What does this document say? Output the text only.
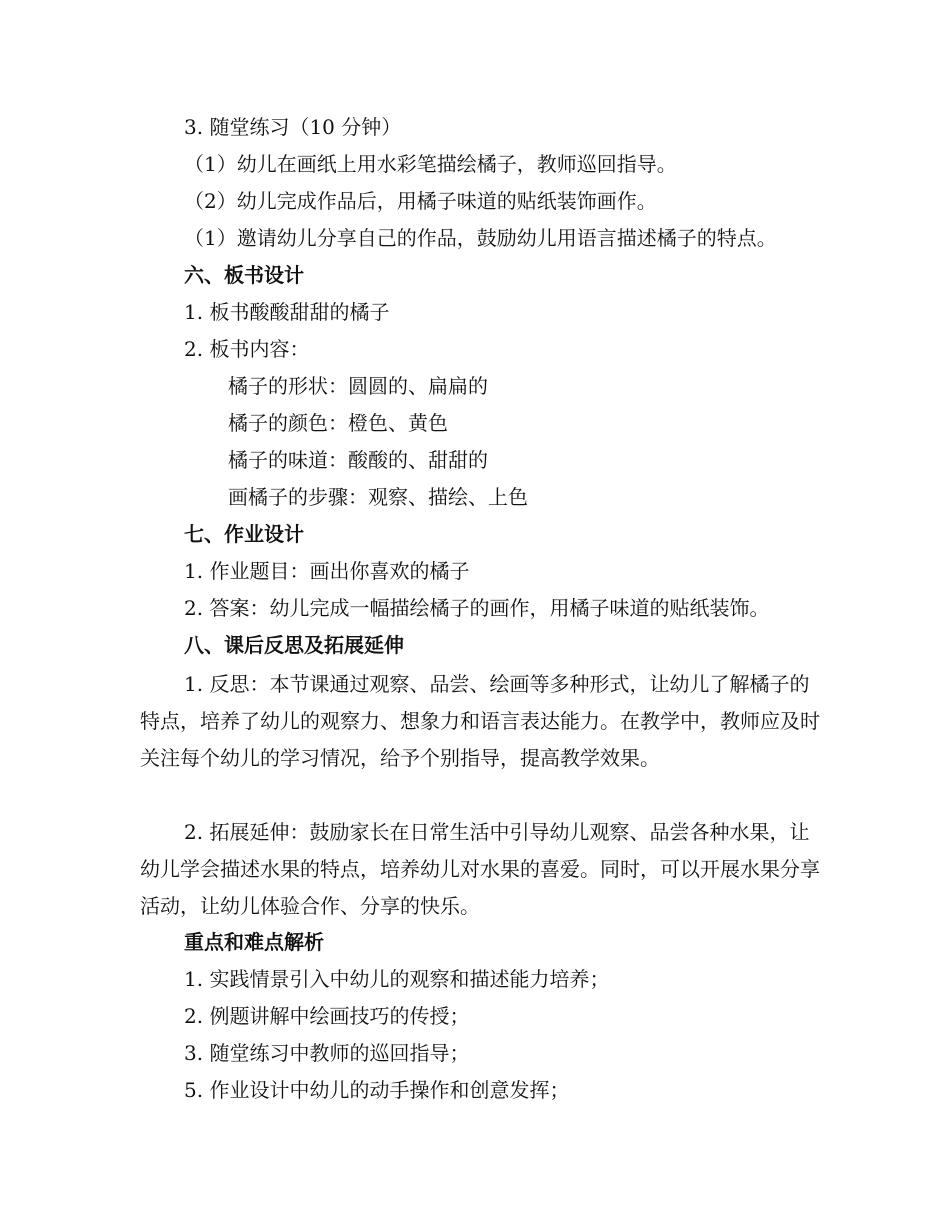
3. 随堂练习（10 分钟）
（1）幼儿在画纸上用水彩笔描绘橘子，教师巡回指导。
（2）幼儿完成作品后，用橘子味道的贴纸装饰画作。
（1）邀请幼儿分享自己的作品，鼓励幼儿用语言描述橘子的特点。
六、板书设计
1. 板书酸酸甜甜的橘子
2. 板书内容：
橘子的形状：圆圆的、扁扁的
橘子的颜色：橙色、黄色
橘子的味道：酸酸的、甜甜的
画橘子的步骤：观察、描绘、上色
七、作业设计
1. 作业题目：画出你喜欢的橘子
2. 答案：幼儿完成一幅描绘橘子的画作，用橘子味道的贴纸装饰。
八、课后反思及拓展延伸
1. 反思：本节课通过观察、品尝、绘画等多种形式，让幼儿了解橘子的特点，培养了幼儿的观察力、想象力和语言表达能力。在教学中，教师应及时关注每个幼儿的学习情况，给予个别指导，提高教学效果。
2. 拓展延伸：鼓励家长在日常生活中引导幼儿观察、品尝各种水果，让幼儿学会描述水果的特点，培养幼儿对水果的喜爱。同时，可以开展水果分享活动，让幼儿体验合作、分享的快乐。
重点和难点解析
1. 实践情景引入中幼儿的观察和描述能力培养；
2. 例题讲解中绘画技巧的传授；
3. 随堂练习中教师的巡回指导；
5. 作业设计中幼儿的动手操作和创意发挥；
